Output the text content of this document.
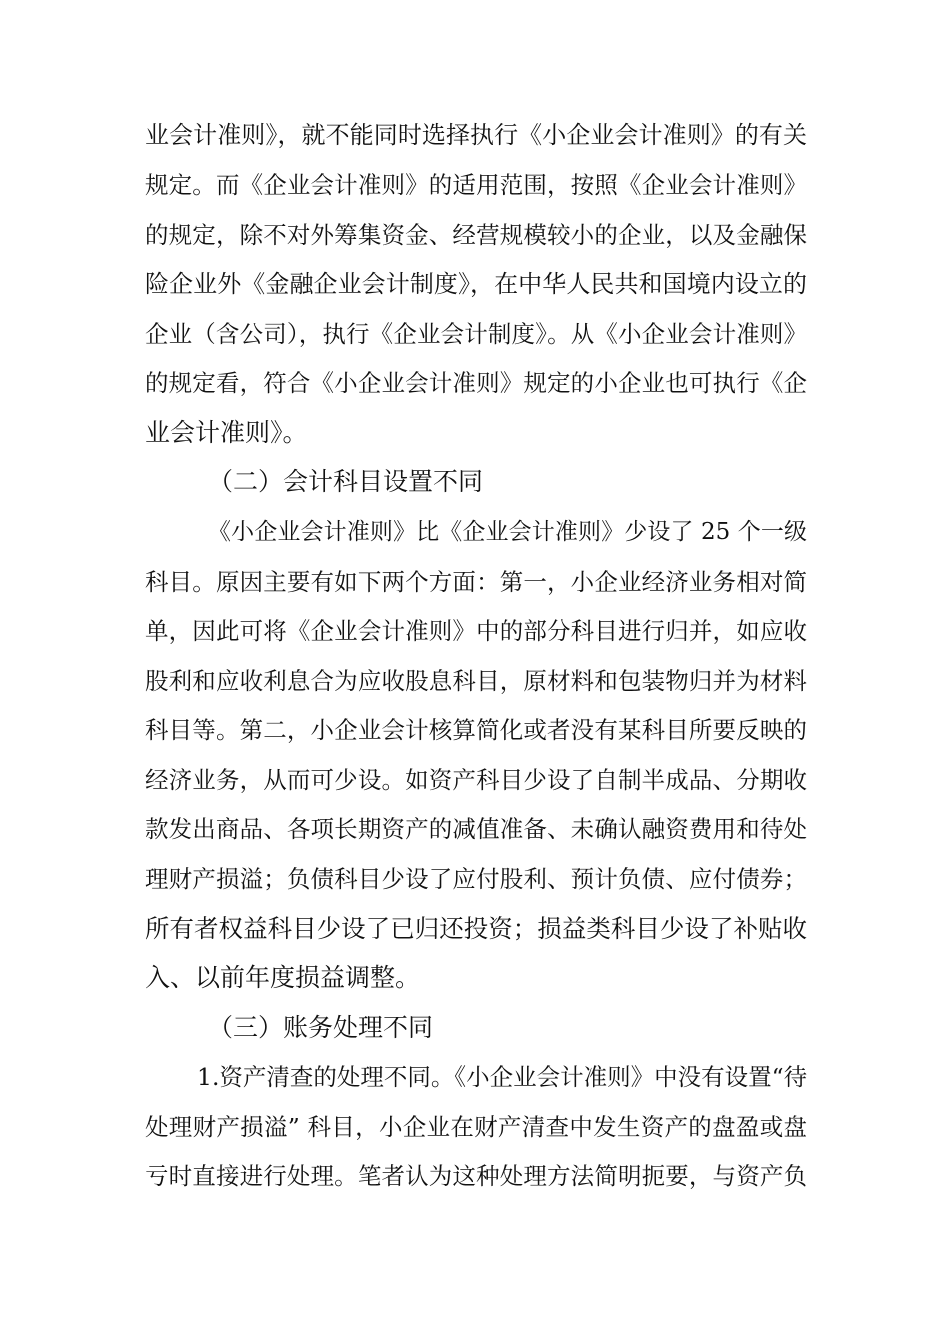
业会计准则》，就不能同时选择执行《小企业会计准则》的有关
规定。而《企业会计准则》的适用范围，按照《企业会计准则》
的规定，除不对外筹集资金、经营规模较小的企业，以及金融保
险企业外《金融企业会计制度》，在中华人民共和国境内设立的
企业（含公司），执行《企业会计制度》。从《小企业会计准则》
的规定看，符合《小企业会计准则》规定的小企业也可执行《企
业会计准则》。
（二）会计科目设置不同
《小企业会计准则》比《企业会计准则》少设了 25 个一级
科目。原因主要有如下两个方面：第一，小企业经济业务相对简
单，因此可将《企业会计准则》中的部分科目进行归并，如应收
股利和应收利息合为应收股息科目，原材料和包装物归并为材料
科目等。第二，小企业会计核算简化或者没有某科目所要反映的
经济业务，从而可少设。如资产科目少设了自制半成品、分期收
款发出商品、各项长期资产的减值准备、未确认融资费用和待处
理财产损溢；负债科目少设了应付股利、预计负债、应付债券；
所有者权益科目少设了已归还投资；损益类科目少设了补贴收
入、以前年度损益调整。
（三）账务处理不同
1.资产清查的处理不同。《小企业会计准则》中没有设置“待
处理财产损溢” 科目，小企业在财产清查中发生资产的盘盈或盘
亏时直接进行处理。笔者认为这种处理方法简明扼要，与资产负
